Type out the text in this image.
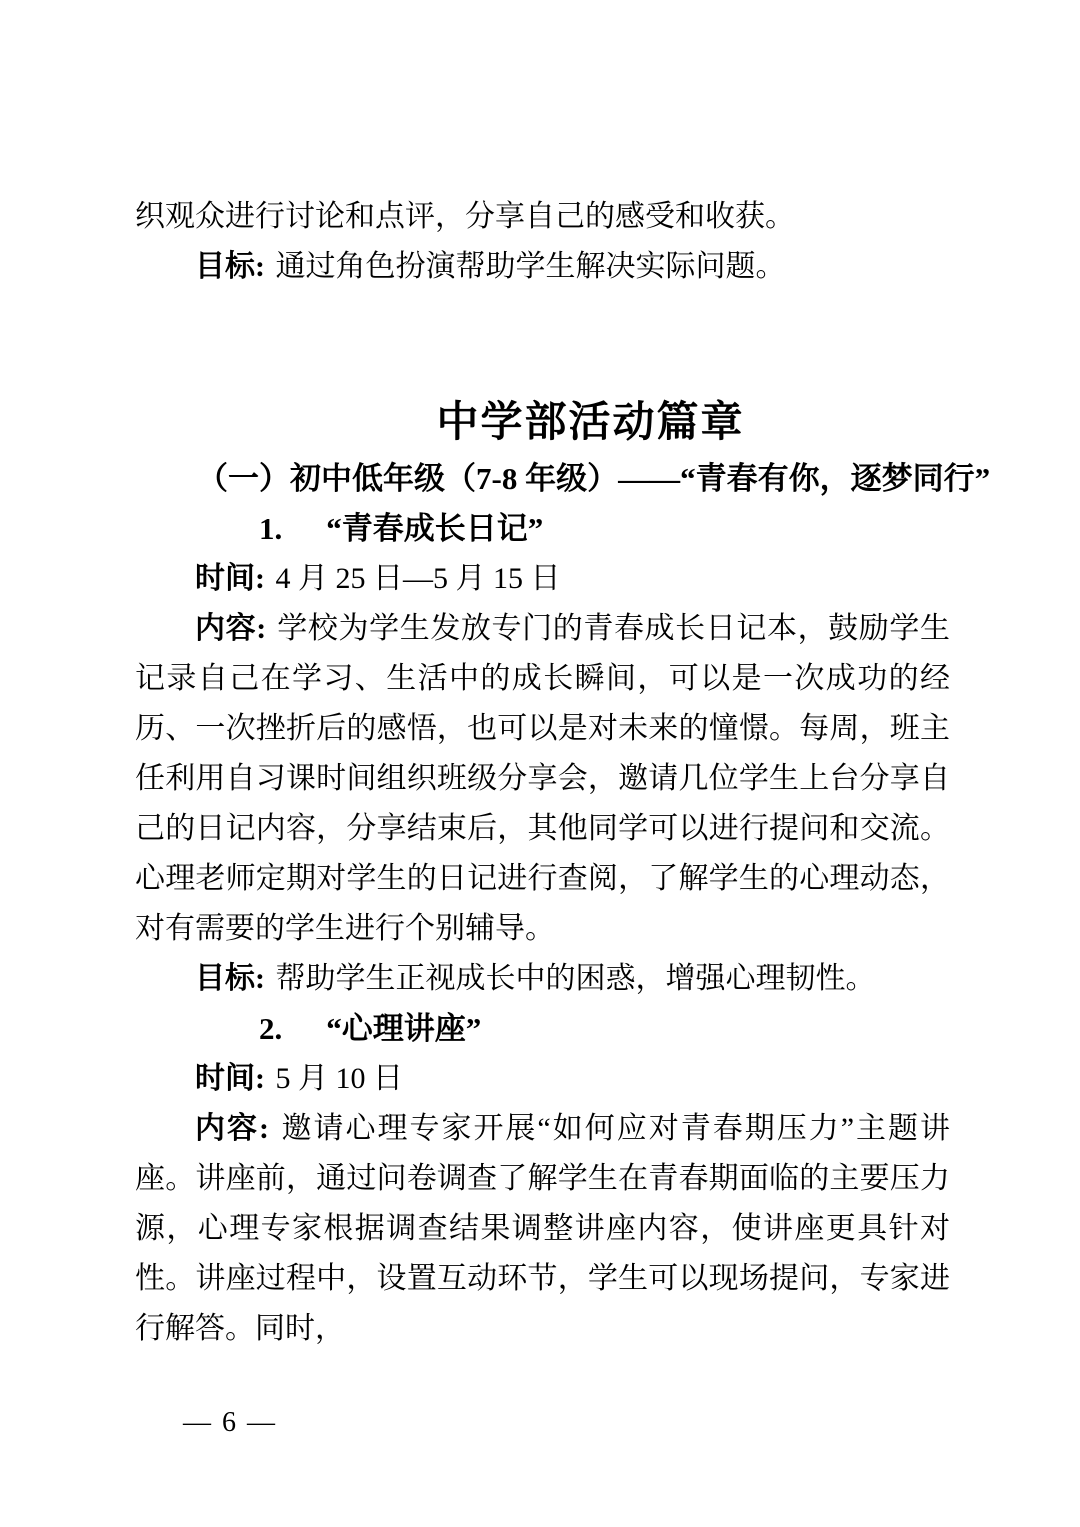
织观众进行讨论和点评，分享自己的感受和收获。

目标: 通过角色扮演帮助学生解决实际问题。

中学部活动篇章
（一）初中低年级（7-8 年级）——“青春有你，逐梦同行”
1. “青春成长日记”

时间: 4 月 25 日—5 月 15 日

内容: 学校为学生发放专门的青春成长日记本，鼓励学生记录自己在学习、生活中的成长瞬间，可以是一次成功的经历、一次挫折后的感悟，也可以是对未来的憧憬。每周，班主任利用自习课时间组织班级分享会，邀请几位学生上台分享自己的日记内容，分享结束后，其他同学可以进行提问和交流。心理老师定期对学生的日记进行查阅，了解学生的心理动态，对有需要的学生进行个别辅导。

目标: 帮助学生正视成长中的困惑，增强心理韧性。

2. “心理讲座”

时间: 5 月 10 日

内容: 邀请心理专家开展“如何应对青春期压力”主题讲座。讲座前，通过问卷调查了解学生在青春期面临的主要压力源，心理专家根据调查结果调整讲座内容，使讲座更具针对性。讲座过程中，设置互动环节，学生可以现场提问，专家进行解答。同时，

— 6 —
